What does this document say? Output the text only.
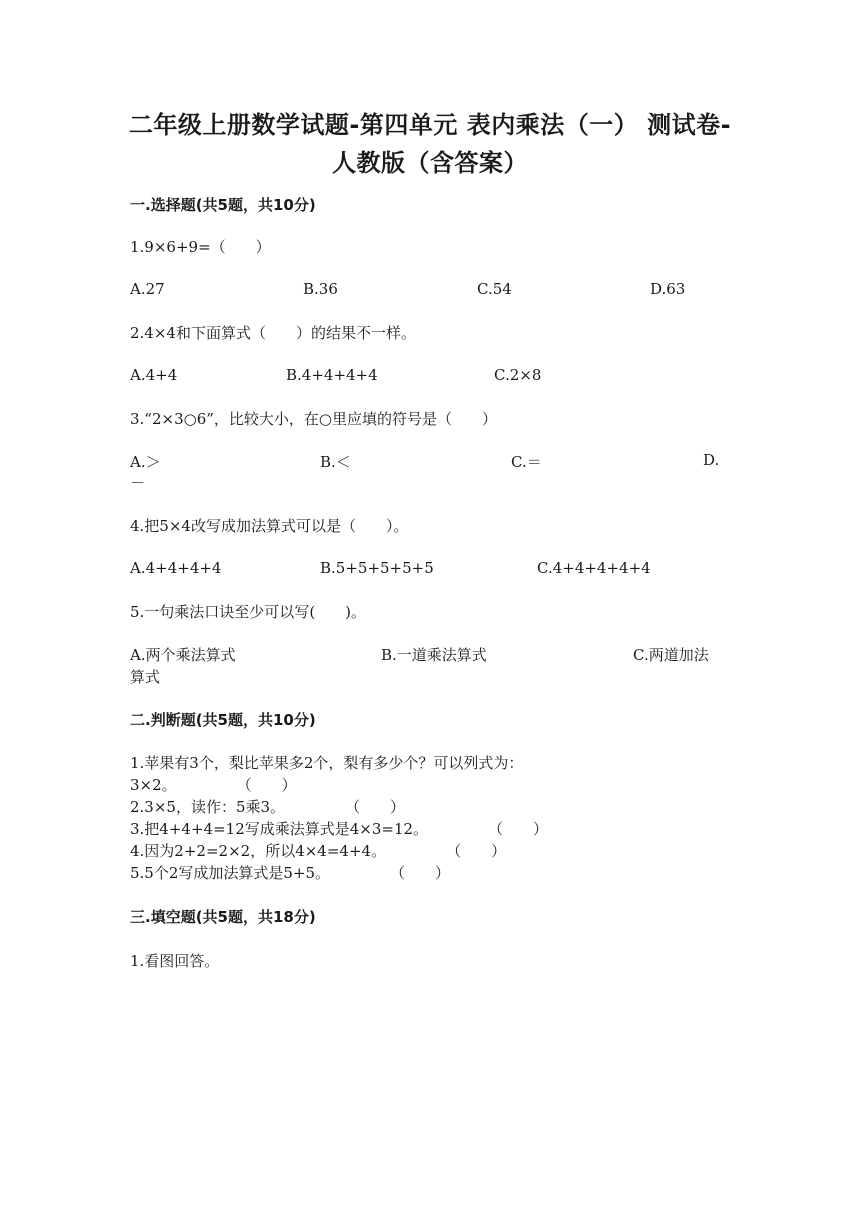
二年级上册数学试题-第四单元 表内乘法（一） 测试卷-人教版（含答案）
一.选择题(共5题，共10分)
1.9×6+9=（　　）
A.27	B.36	C.54	D.63
2.4×4和下面算式（　　）的结果不一样。
A.4+4	B.4+4+4+4	C.2×8
3.“2×3○6”，比较大小，在○里应填的符号是（　　）
A.＞	B.＜	C.＝	D.
－
4.把5×4改写成加法算式可以是（　　）。
A.4+4+4+4	B.5+5+5+5+5	C.4+4+4+4+4
5.一句乘法口诀至少可以写(　　)。
A.两个乘法算式	B.一道乘法算式	C.两道加法
算式
二.判断题(共5题，共10分)
1.苹果有3个，梨比苹果多2个，梨有多少个？可以列式为：
3×2。　　　　　（　　）
2.3×5，读作：5乘3。　　　　　（　　）
3.把4+4+4=12写成乘法算式是4×3=12。　　　　　（　　）
4.因为2+2=2×2，所以4×4=4+4。　　　　　（　　）
5.5个2写成加法算式是5+5。　　　　　（　　）
三.填空题(共5题，共18分)
1.看图回答。
